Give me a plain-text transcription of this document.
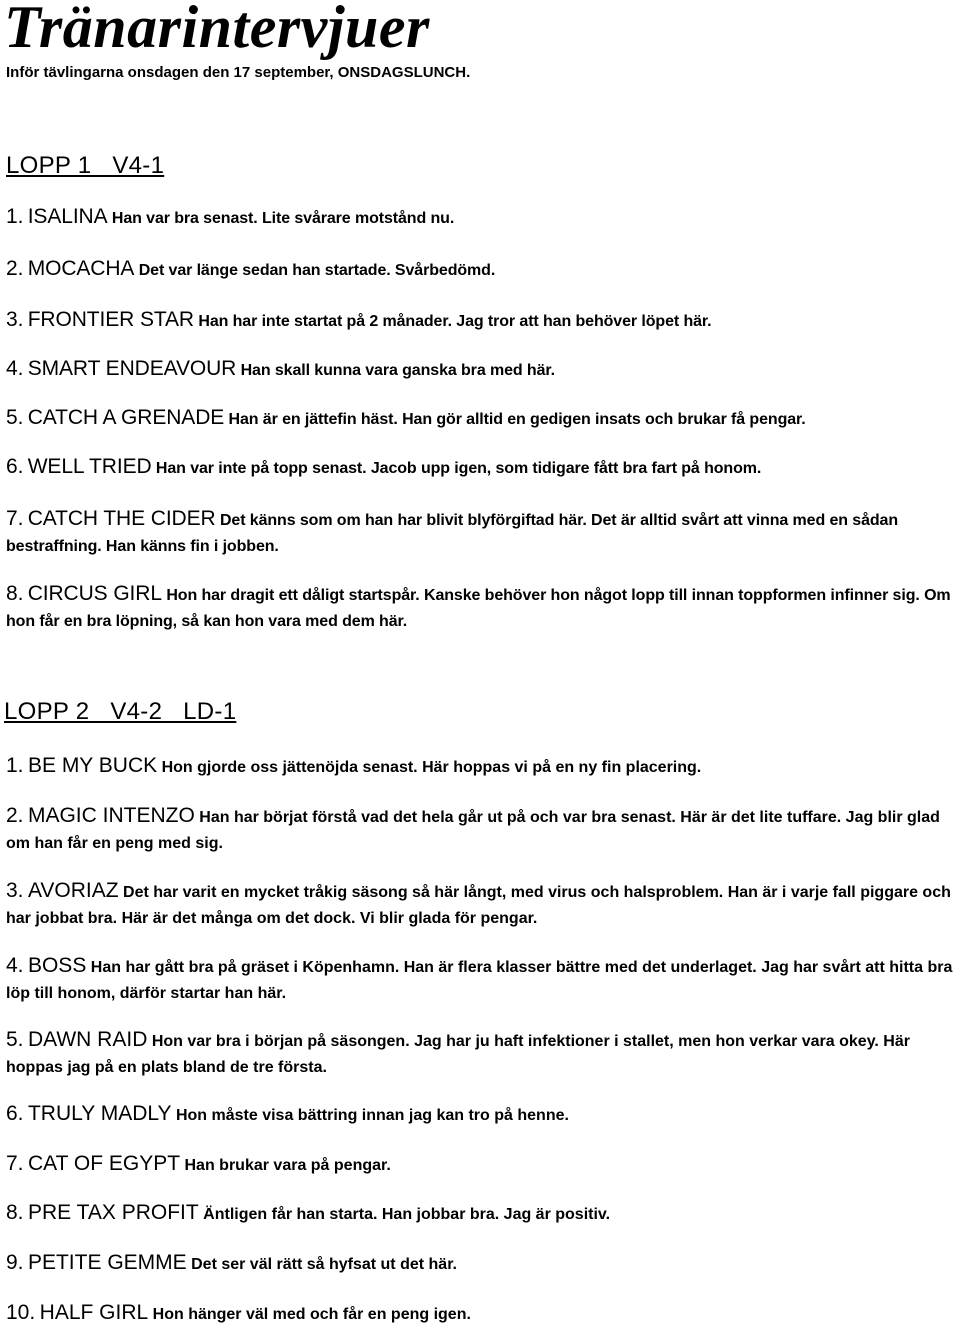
Tränarintervjuer
Inför tävlingarna onsdagen den 17 september, ONSDAGSLUNCH.
LOPP 1   V4-1
1. ISALINA Han var bra senast. Lite svårare motstånd nu.
2. MOCACHA Det var länge sedan han startade. Svårbedömd.
3. FRONTIER STAR Han har inte startat på 2 månader. Jag tror att han behöver löpet här.
4. SMART ENDEAVOUR Han skall kunna vara ganska bra med här.
5. CATCH A GRENADE Han är en jättefin häst. Han gör alltid en gedigen insats och brukar få pengar.
6. WELL TRIED Han var inte på topp senast. Jacob upp igen, som tidigare fått bra fart på honom.
7. CATCH THE CIDER Det känns som om han har blivit blyförgiftad här. Det är alltid svårt att vinna med en sådan bestraffning. Han känns fin i jobben.
8. CIRCUS GIRL Hon har dragit ett dåligt startspår. Kanske behöver hon något lopp till innan toppformen infinner sig. Om hon får en bra löpning, så kan hon vara med dem här.
LOPP 2   V4-2   LD-1
1. BE MY BUCK Hon gjorde oss jättenöjda senast. Här hoppas vi på en ny fin placering.
2. MAGIC INTENZO Han har börjat förstå vad det hela går ut på och var bra senast. Här är det lite tuffare. Jag blir glad om han får en peng med sig.
3. AVORIAZ Det har varit en mycket tråkig säsong så här långt, med virus och halsproblem. Han är i varje fall piggare och har jobbat bra. Här är det många om det dock. Vi blir glada för pengar.
4. BOSS Han har gått bra på gräset i Köpenhamn. Han är flera klasser bättre med det underlaget. Jag har svårt att hitta bra löp till honom, därför startar han här.
5. DAWN RAID Hon var bra i början på säsongen. Jag har ju haft infektioner i stallet, men hon verkar vara okey. Här hoppas jag på en plats bland de tre första.
6. TRULY MADLY Hon måste visa bättring innan jag kan tro på henne.
7. CAT OF EGYPT Han brukar vara på pengar.
8. PRE TAX PROFIT Äntligen får han starta. Han jobbar bra. Jag är positiv.
9. PETITE GEMME Det ser väl rätt så hyfsat ut det här.
10. HALF GIRL Hon hänger väl med och får en peng igen.
